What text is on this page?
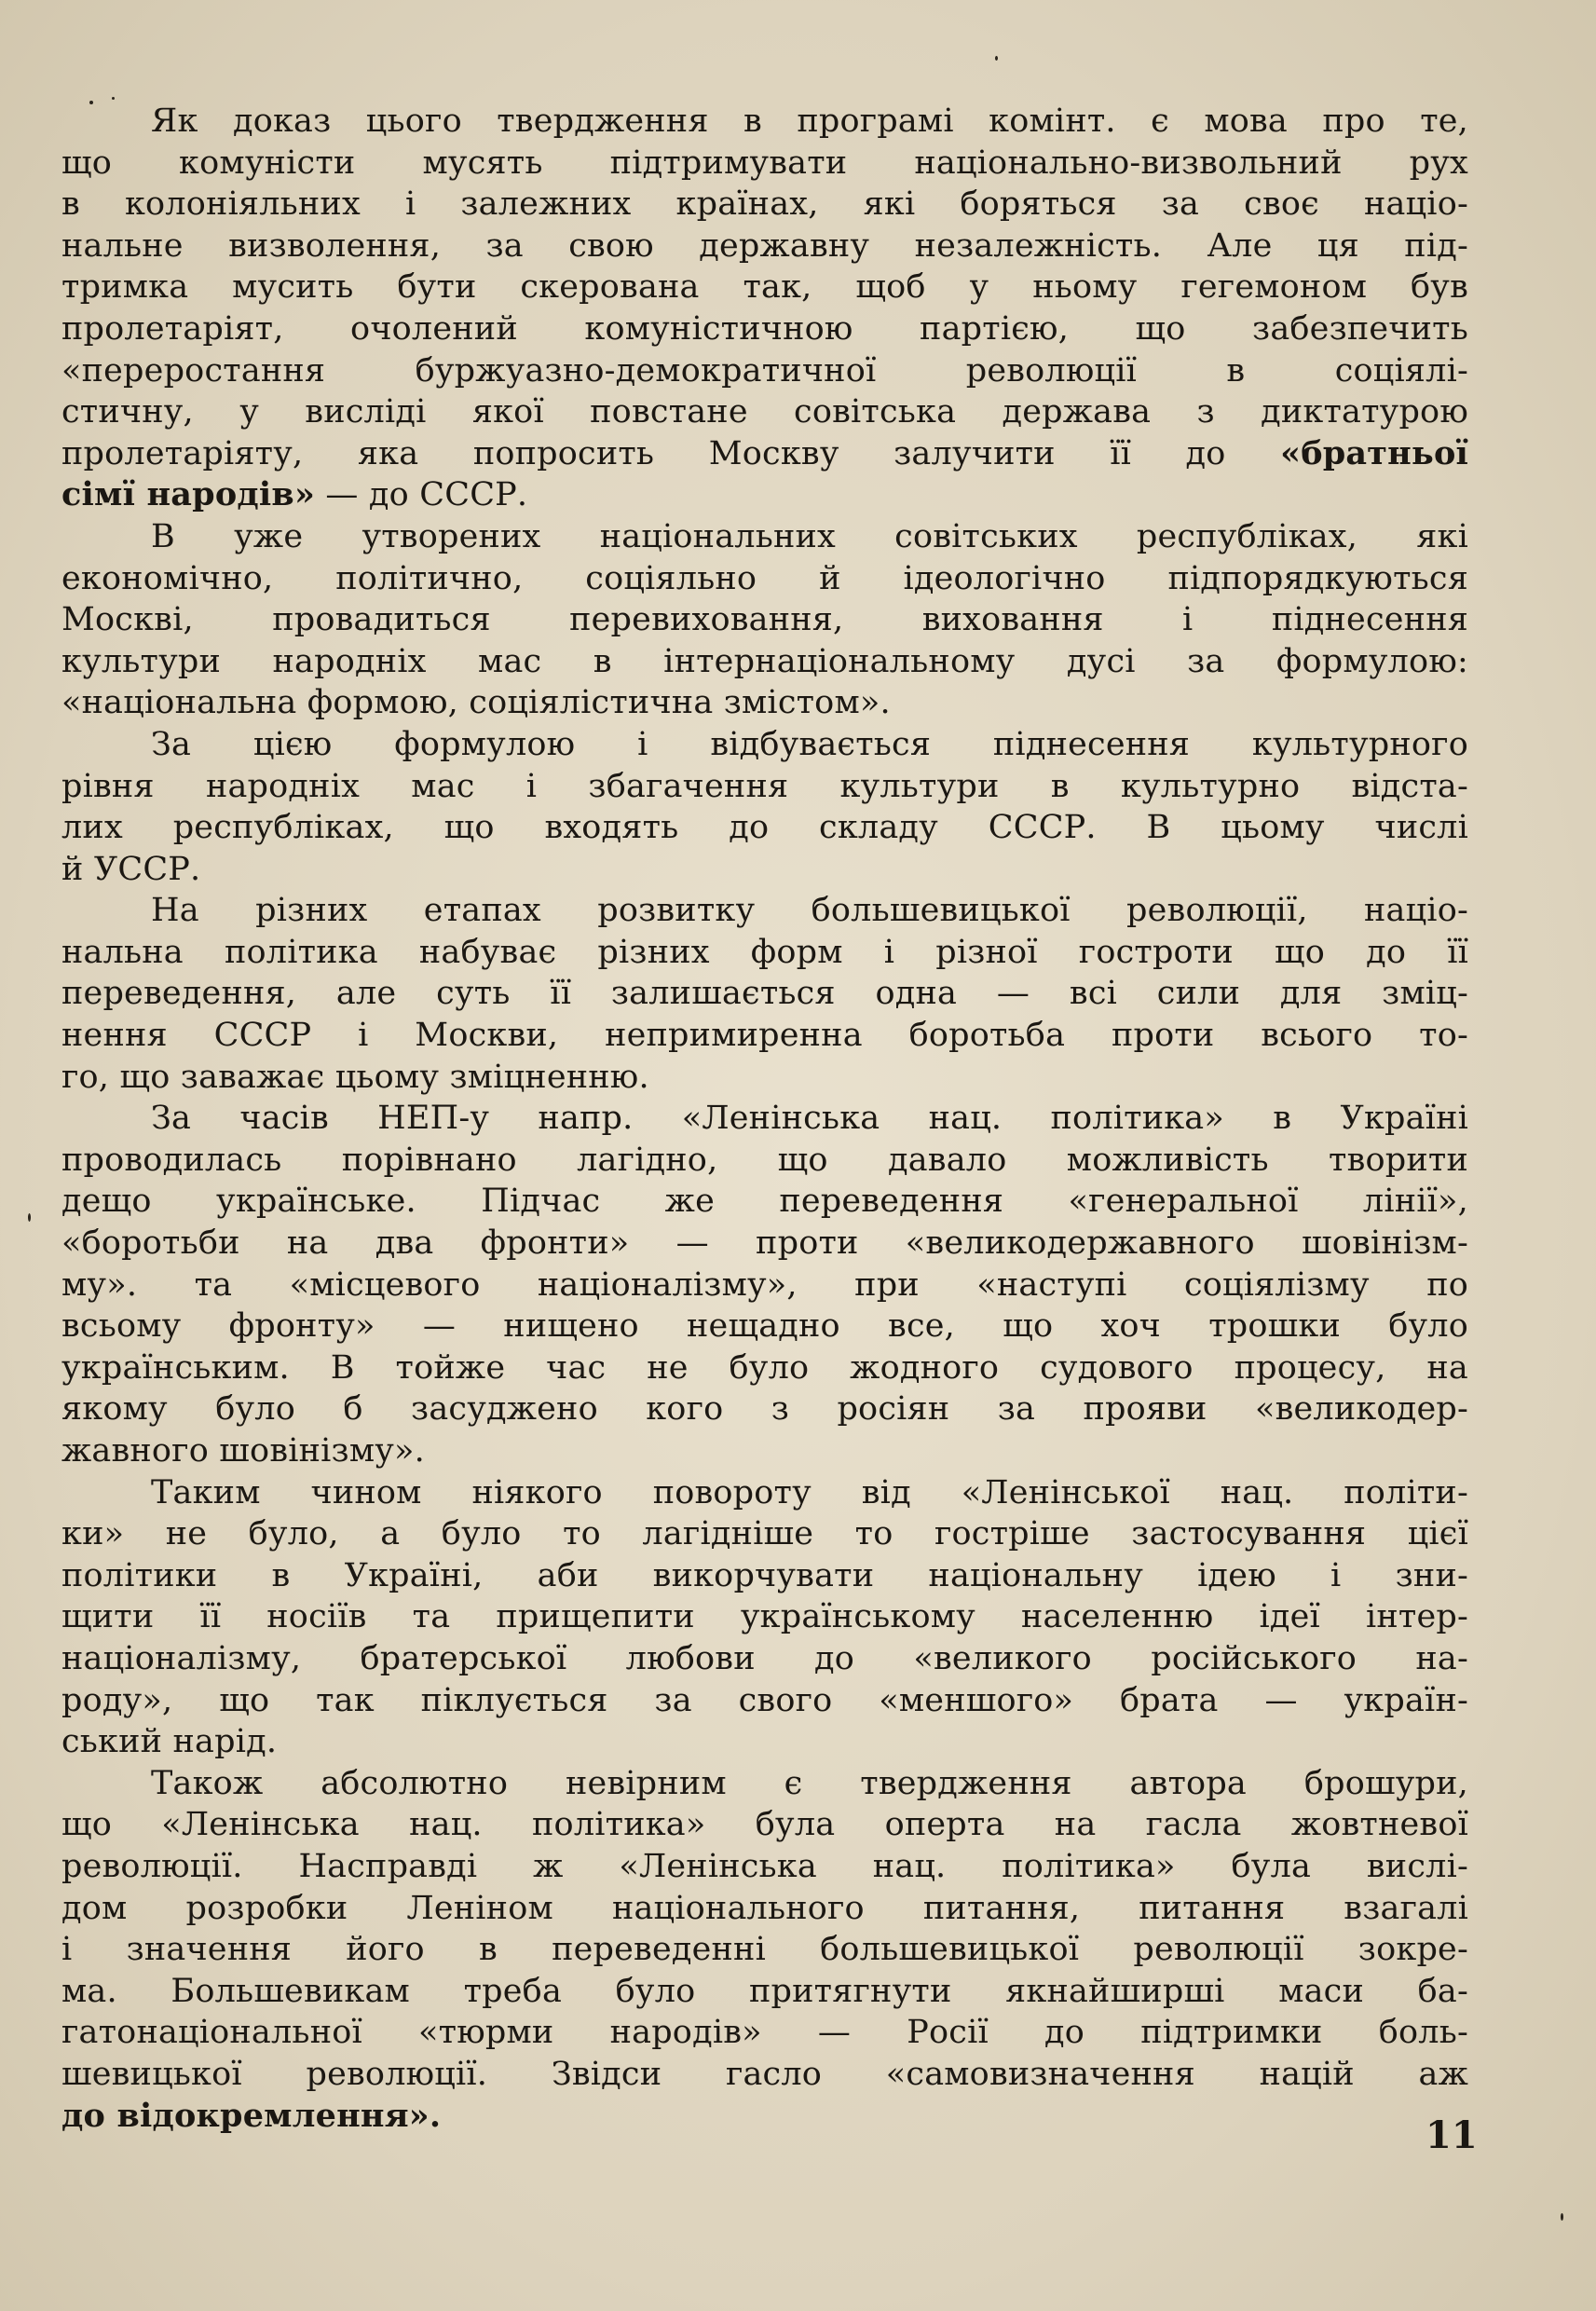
Як доказ цього твердження в програмі комінт. є мова про те,
що комуністи мусять підтримувати національно-визвольний рух
в колоніяльних і залежних країнах, які боряться за своє націо-
нальне визволення, за свою державну незалежність. Але ця під-
тримка мусить бути скерована так, щоб у ньому гегемоном був
пролетаріят, очолений комуністичною партією, що забезпечить
«переростання буржуазно-демократичної революції в соціялі-
стичну, у висліді якої повстане совітська держава з диктатурою
пролетаріяту, яка попросить Москву залучити її до «братньої
сімї народів» — до СССР.
В уже утворених національних совітських республіках, які
економічно, політично, соціяльно й ідеологічно підпорядкуються
Москві, провадиться перевиховання, виховання і піднесення
культури народніх мас в інтернаціональному дусі за формулою:
«національна формою, соціялістична змістом».
За цією формулою і відбувається піднесення культурного
рівня народніх мас і збагачення культури в культурно відста-
лих республіках, що входять до складу СССР. В цьому числі
й УССР.
На різних етапах розвитку большевицької революції, націо-
нальна політика набуває різних форм і різної гостроти що до її
переведення, але суть її залишається одна — всі сили для зміц-
нення СССР і Москви, непримиренна боротьба проти всього то-
го, що заважає цьому зміцненню.
За часів НЕП-у напр. «Ленінська нац. політика» в Україні
проводилась порівнано лагідно, що давало можливість творити
дещо українське. Підчас же переведення «генеральної лінії»,
«боротьби на два фронти» — проти «великодержавного шовінізм-
му». та «місцевого націоналізму», при «наступі соціялізму по
всьому фронту» — нищено нещадно все, що хоч трошки було
українським. В тойже час не було жодного судового процесу, на
якому було б засуджено кого з росіян за прояви «великодер-
жавного шовінізму».
Таким чином ніякого повороту від «Ленінської нац. політи-
ки» не було, а було то лагідніше то гостріше застосування цієї
політики в Україні, аби викорчувати національну ідею і зни-
щити її носіїв та прищепити українському населенню ідеї інтер-
націоналізму, братерської любови до «великого російського на-
роду», що так піклується за свого «меншого» брата — україн-
ський нарід.
Також абсолютно невірним є твердження автора брошури,
що «Ленінська нац. політика» була оперта на гасла жовтневої
революції. Насправді ж «Ленінська нац. політика» була вислі-
дом розробки Леніном національного питання, питання взагалі
і значення його в переведенні большевицької революції зокре-
ма. Большевикам треба було притягнути якнайширші маси ба-
гатонаціональної «тюрми народів» — Росії до підтримки боль-
шевицької революції. Звідси гасло «самовизначення націй аж
до відокремлення».	11
